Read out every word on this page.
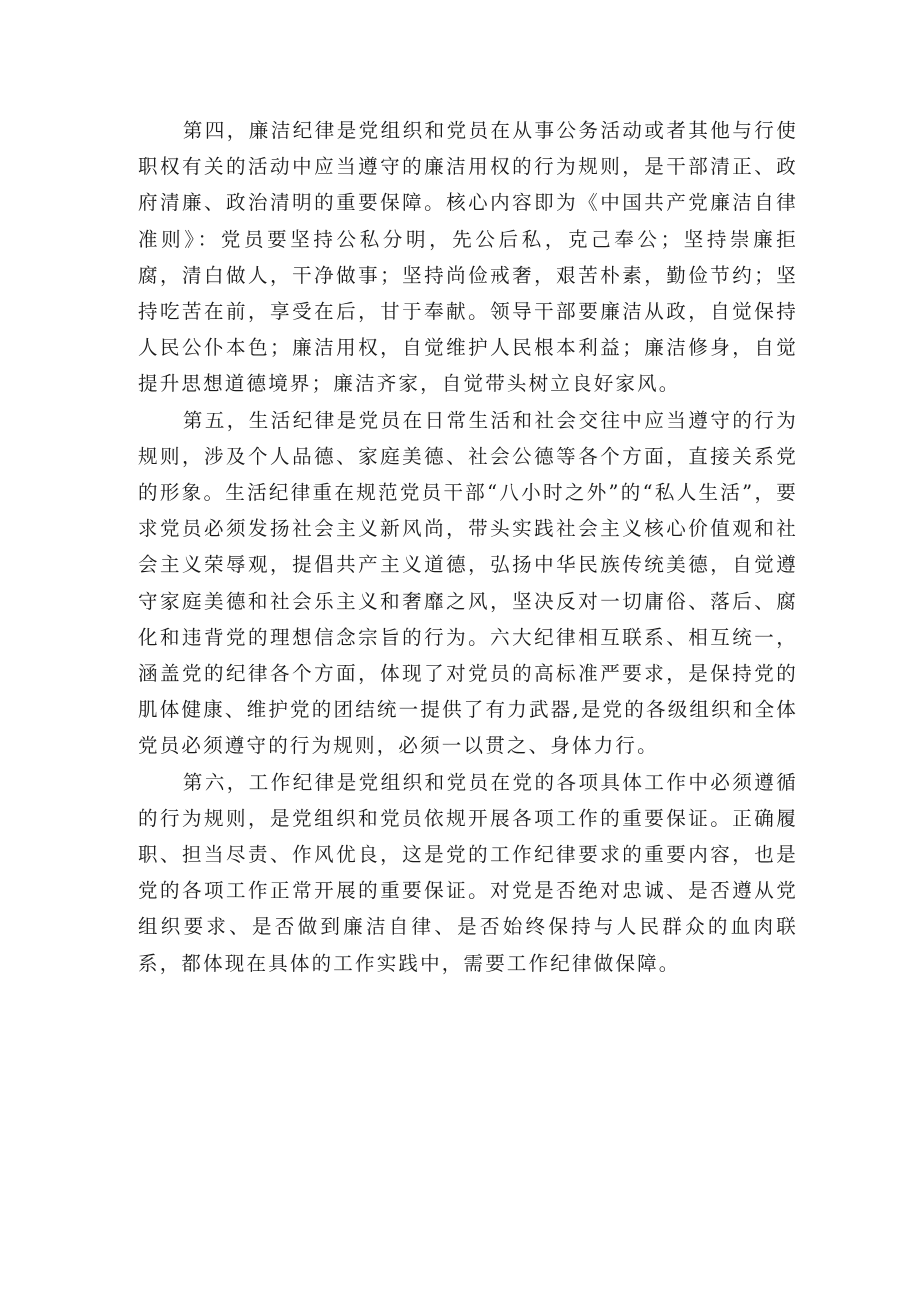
第四，廉洁纪律是党组织和党员在从事公务活动或者其他与行使职权有关的活动中应当遵守的廉洁用权的行为规则，是干部清正、政府清廉、政治清明的重要保障。核心内容即为《中国共产党廉洁自律准则》：党员要坚持公私分明，先公后私，克己奉公；坚持崇廉拒腐，清白做人，干净做事；坚持尚俭戒奢，艰苦朴素，勤俭节约；坚持吃苦在前，享受在后，甘于奉献。领导干部要廉洁从政，自觉保持人民公仆本色；廉洁用权，自觉维护人民根本利益；廉洁修身，自觉提升思想道德境界；廉洁齐家，自觉带头树立良好家风。

第五，生活纪律是党员在日常生活和社会交往中应当遵守的行为规则，涉及个人品德、家庭美德、社会公德等各个方面，直接关系党的形象。生活纪律重在规范党员干部“八小时之外”的“私人生活”，要求党员必须发扬社会主义新风尚，带头实践社会主义核心价值观和社会主义荣辱观，提倡共产主义道德，弘扬中华民族传统美德，自觉遵守家庭美德和社会乐主义和奢靡之风，坚决反对一切庸俗、落后、腐化和违背党的理想信念宗旨的行为。六大纪律相互联系、相互统一，涵盖党的纪律各个方面，体现了对党员的高标准严要求，是保持党的肌体健康、维护党的团结统一提供了有力武器,是党的各级组织和全体党员必须遵守的行为规则，必须一以贯之、身体力行。

第六，工作纪律是党组织和党员在党的各项具体工作中必须遵循的行为规则，是党组织和党员依规开展各项工作的重要保证。正确履职、担当尽责、作风优良，这是党的工作纪律要求的重要内容，也是党的各项工作正常开展的重要保证。对党是否绝对忠诚、是否遵从党组织要求、是否做到廉洁自律、是否始终保持与人民群众的血肉联系，都体现在具体的工作实践中，需要工作纪律做保障。
